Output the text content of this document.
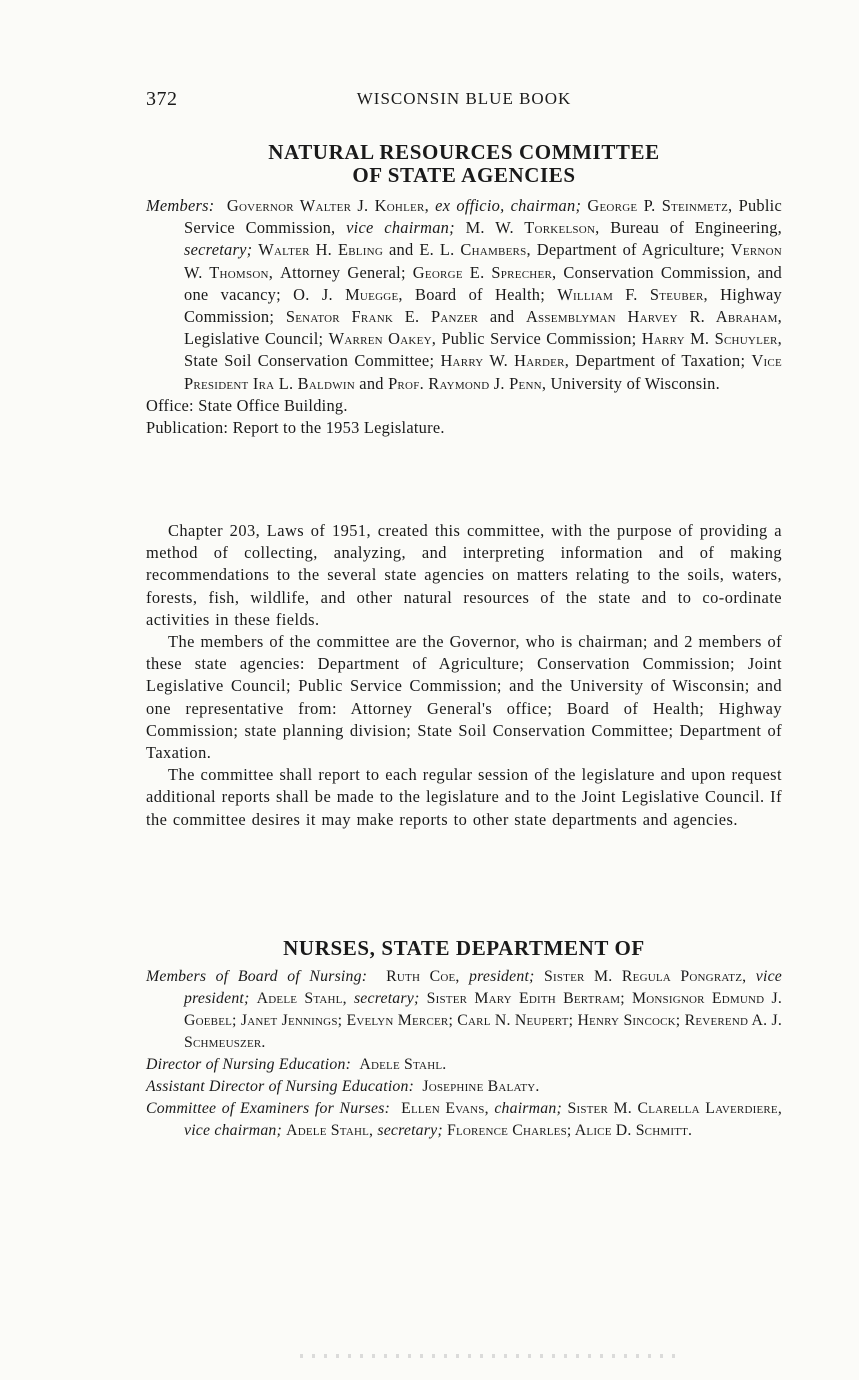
372	WISCONSIN BLUE BOOK
NATURAL RESOURCES COMMITTEE
OF STATE AGENCIES

Members: Governor Walter J. Kohler, ex officio, chairman; George P. Steinmetz, Public Service Commission, vice chairman; M. W. Torkelson, Bureau of Engineering, secretary; Walter H. Ebling and E. L. Chambers, Department of Agriculture; Vernon W. Thomson, Attorney General; George E. Sprecher, Conservation Commission, and one vacancy; O. J. Muegge, Board of Health; William F. Steuber, Highway Commission; Senator Frank E. Panzer and Assemblyman Harvey R. Abraham, Legislative Council; Warren Oakey, Public Service Commission; Harry M. Schuyler, State Soil Conservation Committee; Harry W. Harder, Department of Taxation; Vice President Ira L. Baldwin and Prof. Raymond J. Penn, University of Wisconsin.

Office: State Office Building.

Publication: Report to the 1953 Legislature.

Chapter 203, Laws of 1951, created this committee, with the purpose of providing a method of collecting, analyzing, and interpreting information and of making recommendations to the several state agencies on matters relating to the soils, waters, forests, fish, wildlife, and other natural resources of the state and to co-ordinate activities in these fields.

The members of the committee are the Governor, who is chairman; and 2 members of these state agencies: Department of Agriculture; Conservation Commission; Joint Legislative Council; Public Service Commission; and the University of Wisconsin; and one representative from: Attorney General's office; Board of Health; Highway Commission; state planning division; State Soil Conservation Committee; Department of Taxation.

The committee shall report to each regular session of the legislature and upon request additional reports shall be made to the legislature and to the Joint Legislative Council. If the committee desires it may make reports to other state departments and agencies.

NURSES, STATE DEPARTMENT OF

Members of Board of Nursing: Ruth Coe, president; Sister M. Regula Pongratz, vice president; Adele Stahl, secretary; Sister Mary Edith Bertram; Monsignor Edmund J. Goebel; Janet Jennings; Evelyn Mercer; Carl N. Neupert; Henry Sincock; Reverend A. J. Schmeuszer.

Director of Nursing Education: Adele Stahl.

Assistant Director of Nursing Education: Josephine Balaty.

Committee of Examiners for Nurses: Ellen Evans, chairman; Sister M. Clarella Laverdiere, vice chairman; Adele Stahl, secretary; Florence Charles; Alice D. Schmitt.
